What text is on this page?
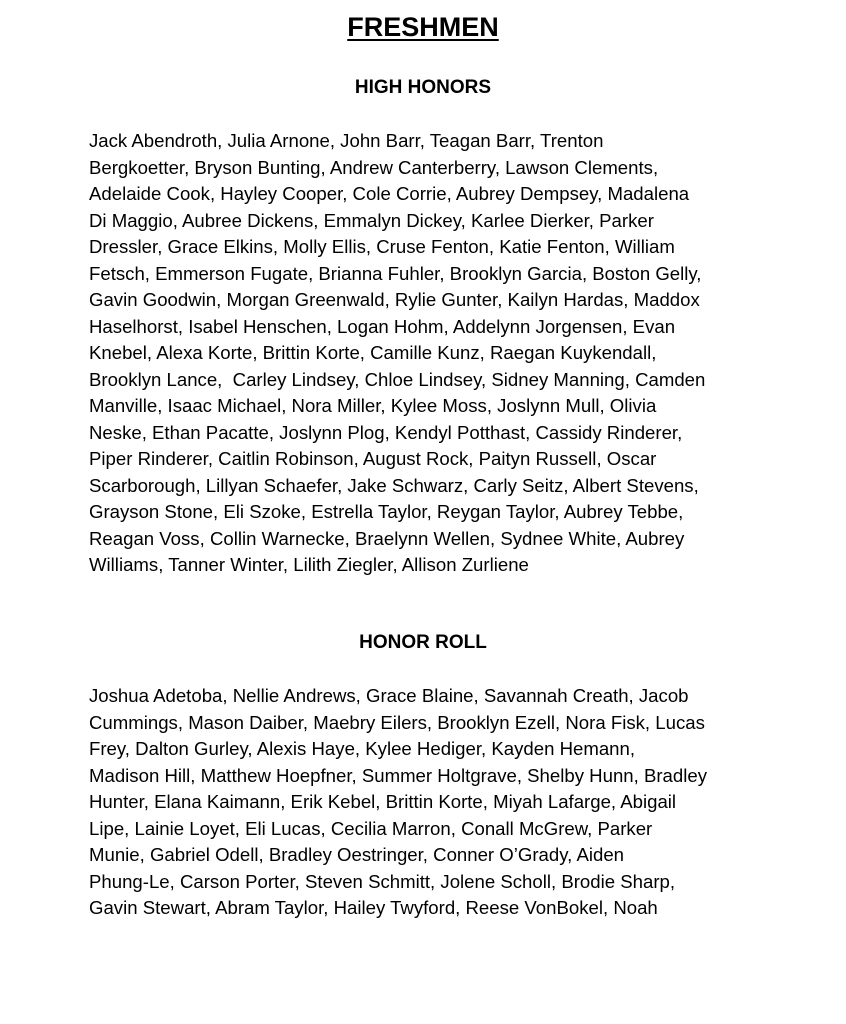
FRESHMEN
HIGH HONORS
Jack Abendroth, Julia Arnone, John Barr, Teagan Barr, Trenton
Bergkoetter, Bryson Bunting, Andrew Canterberry, Lawson Clements,
Adelaide Cook, Hayley Cooper, Cole Corrie, Aubrey Dempsey, Madalena
Di Maggio, Aubree Dickens, Emmalyn Dickey, Karlee Dierker, Parker
Dressler, Grace Elkins, Molly Ellis, Cruse Fenton, Katie Fenton, William
Fetsch, Emmerson Fugate, Brianna Fuhler, Brooklyn Garcia, Boston Gelly,
Gavin Goodwin, Morgan Greenwald, Rylie Gunter, Kailyn Hardas, Maddox
Haselhorst, Isabel Henschen, Logan Hohm, Addelynn Jorgensen, Evan
Knebel, Alexa Korte, Brittin Korte, Camille Kunz, Raegan Kuykendall,
Brooklyn Lance,  Carley Lindsey, Chloe Lindsey, Sidney Manning, Camden
Manville, Isaac Michael, Nora Miller, Kylee Moss, Joslynn Mull, Olivia
Neske, Ethan Pacatte, Joslynn Plog, Kendyl Potthast, Cassidy Rinderer,
Piper Rinderer, Caitlin Robinson, August Rock, Paityn Russell, Oscar
Scarborough, Lillyan Schaefer, Jake Schwarz, Carly Seitz, Albert Stevens,
Grayson Stone, Eli Szoke, Estrella Taylor, Reygan Taylor, Aubrey Tebbe,
Reagan Voss, Collin Warnecke, Braelynn Wellen, Sydnee White, Aubrey
Williams, Tanner Winter, Lilith Ziegler, Allison Zurliene
HONOR ROLL
Joshua Adetoba, Nellie Andrews, Grace Blaine, Savannah Creath, Jacob
Cummings, Mason Daiber, Maebry Eilers, Brooklyn Ezell, Nora Fisk, Lucas
Frey, Dalton Gurley, Alexis Haye, Kylee Hediger, Kayden Hemann,
Madison Hill, Matthew Hoepfner, Summer Holtgrave, Shelby Hunn, Bradley
Hunter, Elana Kaimann, Erik Kebel, Brittin Korte, Miyah Lafarge, Abigail
Lipe, Lainie Loyet, Eli Lucas, Cecilia Marron, Conall McGrew, Parker
Munie, Gabriel Odell, Bradley Oestringer, Conner O’Grady, Aiden
Phung-Le, Carson Porter, Steven Schmitt, Jolene Scholl, Brodie Sharp,
Gavin Stewart, Abram Taylor, Hailey Twyford, Reese VonBokel, Noah
